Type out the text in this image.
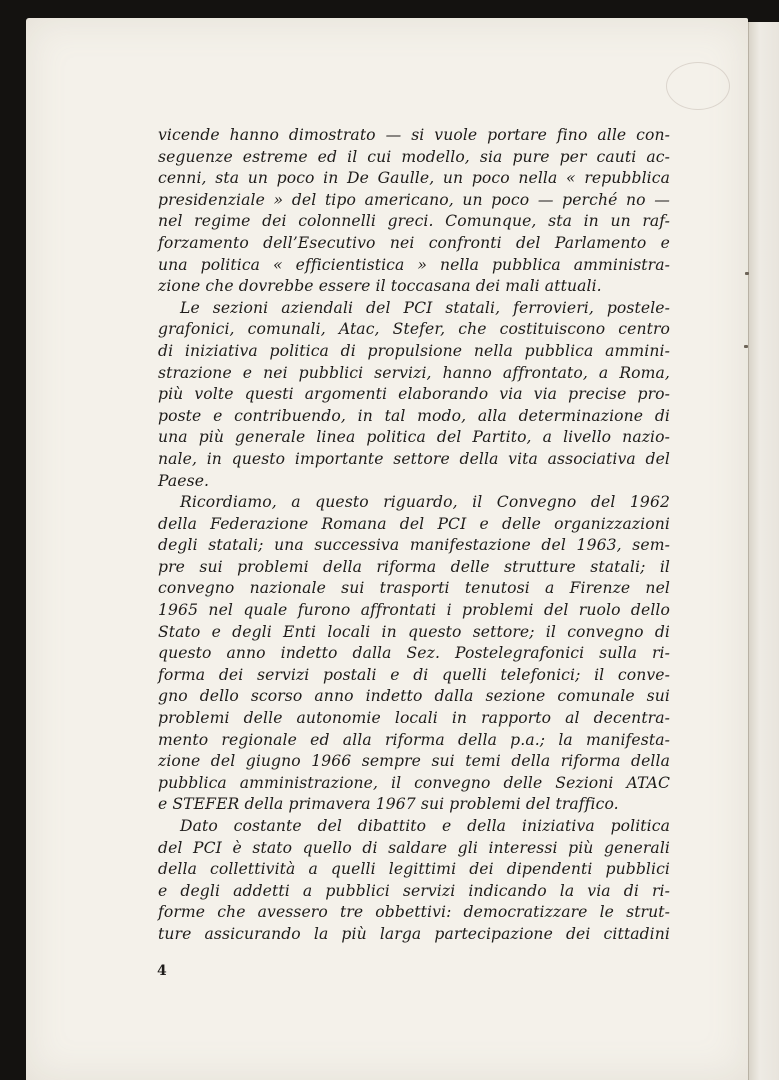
vicende hanno dimostrato — si vuole portare fino alle con-
seguenze estreme ed il cui modello, sia pure per cauti ac-
cenni, sta un poco in De Gaulle, un poco nella « repubblica
presidenziale » del tipo americano, un poco — perché no —
nel regime dei colonnelli greci. Comunque, sta in un raf-
forzamento dell’Esecutivo nei confronti del Parlamento e
una politica « efficientistica » nella pubblica amministra-
zione che dovrebbe essere il toccasana dei mali attuali.
Le sezioni aziendali del PCI statali, ferrovieri, postele-
grafonici, comunali, Atac, Stefer, che costituiscono centro
di iniziativa politica di propulsione nella pubblica ammini-
strazione e nei pubblici servizi, hanno affrontato, a Roma,
più volte questi argomenti elaborando via via precise pro-
poste e contribuendo, in tal modo, alla determinazione di
una più generale linea politica del Partito, a livello nazio-
nale, in questo importante settore della vita associativa del
Paese.
Ricordiamo, a questo riguardo, il Convegno del 1962
della Federazione Romana del PCI e delle organizzazioni
degli statali; una successiva manifestazione del 1963, sem-
pre sui problemi della riforma delle strutture statali; il
convegno nazionale sui trasporti tenutosi a Firenze nel
1965 nel quale furono affrontati i problemi del ruolo dello
Stato e degli Enti locali in questo settore; il convegno di
questo anno indetto dalla Sez. Postelegrafonici sulla ri-
forma dei servizi postali e di quelli telefonici; il conve-
gno dello scorso anno indetto dalla sezione comunale sui
problemi delle autonomie locali in rapporto al decentra-
mento regionale ed alla riforma della p.a.; la manifesta-
zione del giugno 1966 sempre sui temi della riforma della
pubblica amministrazione, il convegno delle Sezioni ATAC
e STEFER della primavera 1967 sui problemi del traffico.
Dato costante del dibattito e della iniziativa politica
del PCI è stato quello di saldare gli interessi più generali
della collettività a quelli legittimi dei dipendenti pubblici
e degli addetti a pubblici servizi indicando la via di ri-
forme che avessero tre obbettivi: democratizzare le strut-
ture assicurando la più larga partecipazione dei cittadini

4
